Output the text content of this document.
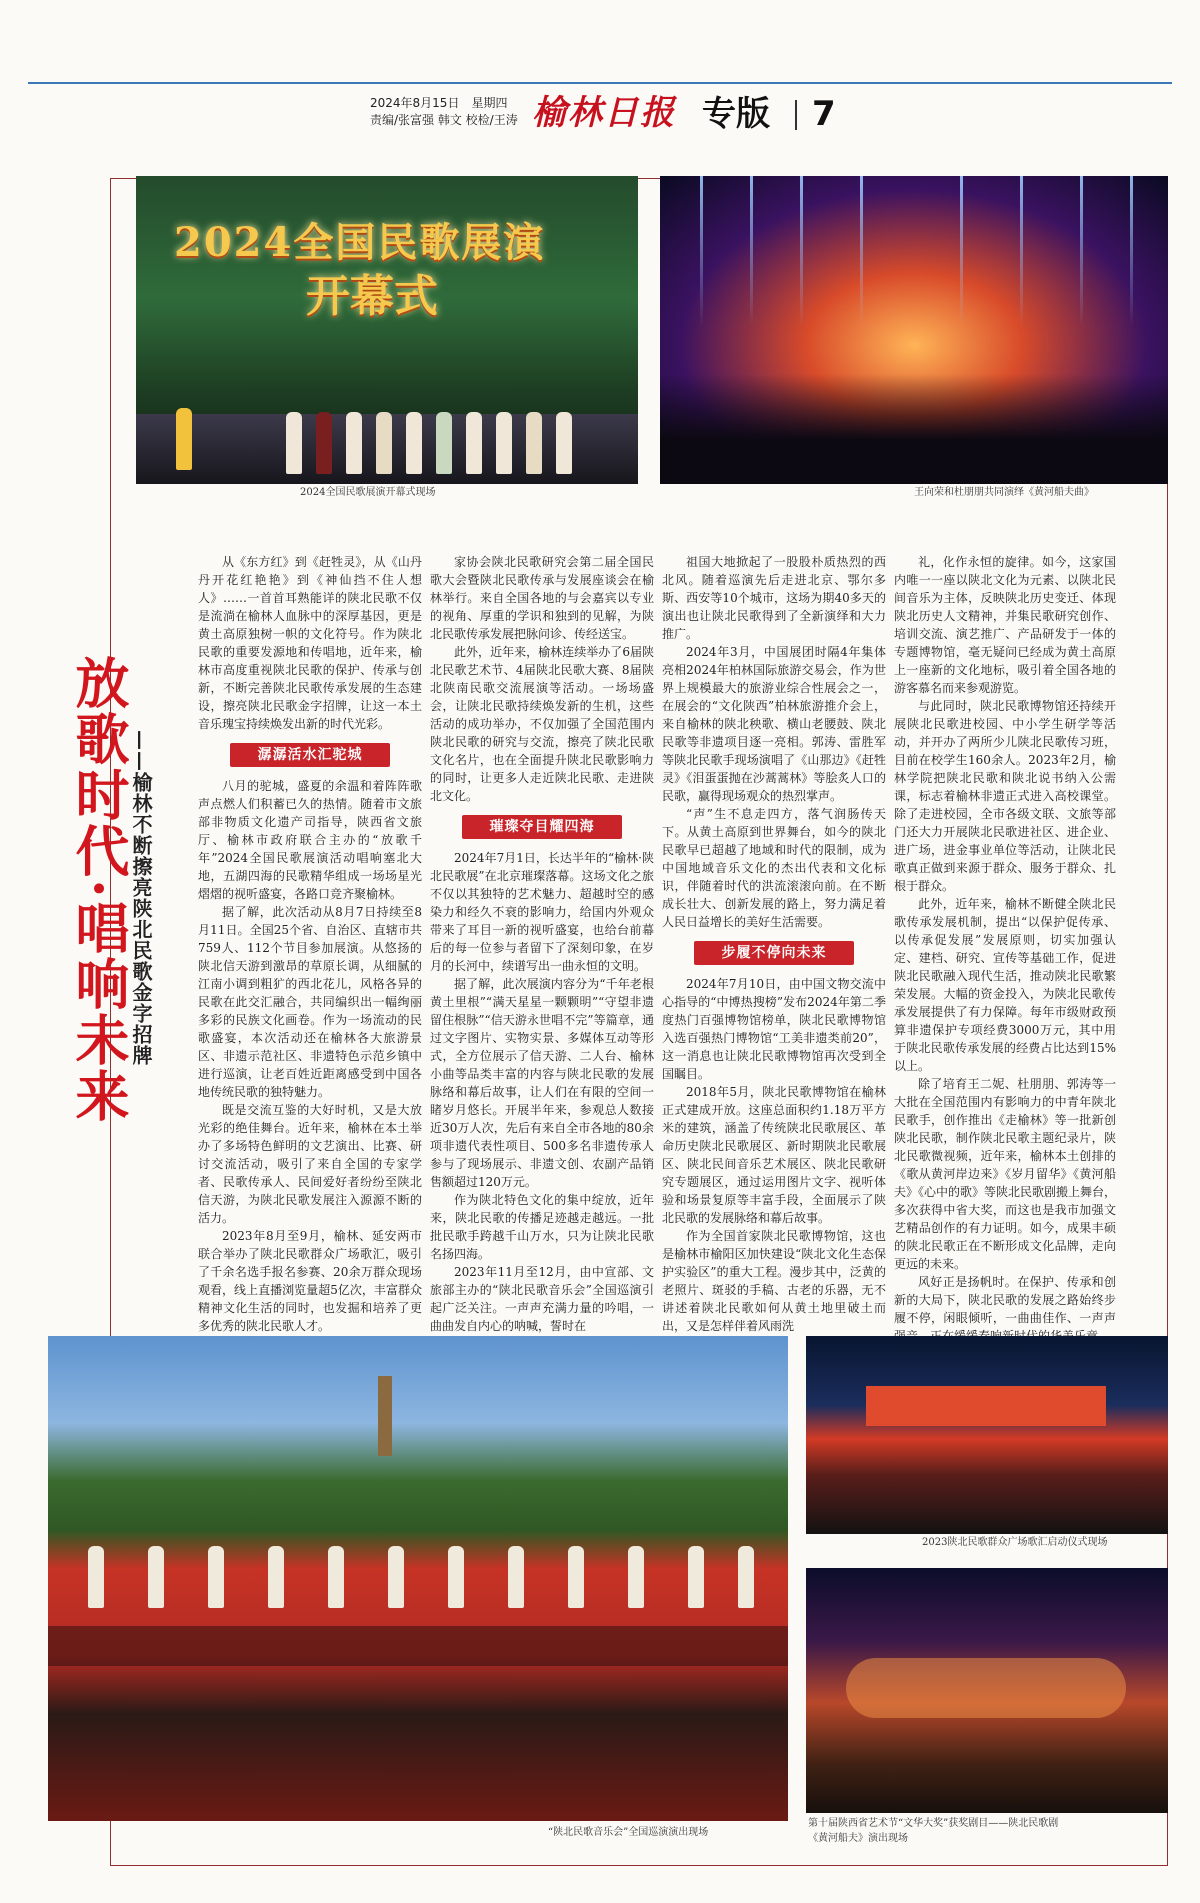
2024年8月15日　 星期四
责编/张富强 韩文 校检/王涛 榆林日报 专版 7
2024全国民歌展演
开幕式
2024全国民歌展演开幕式现场	王向荣和杜朋朋共同演绎《黄河船夫曲》
放歌时代·唱响未来
——榆林不断擦亮陕北民歌金字招牌

从《东方红》到《赶牲灵》，从《山丹丹开花红艳艳》到《神仙挡不住人想人》……一首首耳熟能详的陕北民歌不仅是流淌在榆林人血脉中的深厚基因，更是黄土高原独树一帜的文化符号。作为陕北民歌的重要发源地和传唱地，近年来，榆林市高度重视陕北民歌的保护、传承与创新，不断完善陕北民歌传承发展的生态建设，擦亮陕北民歌金字招牌，让这一本土音乐瑰宝持续焕发出新的时代光彩。

潺潺活水汇驼城

八月的驼城，盛夏的余温和着阵阵歌声点燃人们积蓄已久的热情。随着市文旅部非物质文化遗产司指导，陕西省文旅厅、榆林市政府联合主办的“放歌千年”2024全国民歌展演活动唱响塞北大地，五湖四海的民歌精华组成一场场星光熠熠的视听盛宴，各路口竞齐聚榆林。

据了解，此次活动从8月7日持续至8月11日。全国25个省、自治区、直辖市共759人、112个节目参加展演。从悠扬的陕北信天游到激昂的草原长调，从细腻的江南小调到粗犷的西北花儿，风格各异的民歌在此交汇融合，共同编织出一幅绚丽多彩的民族文化画卷。作为一场流动的民歌盛宴，本次活动还在榆林各大旅游景区、非遗示范社区、非遗特色示范乡镇中进行巡演，让老百姓近距离感受到中国各地传统民歌的独特魅力。

既是交流互鉴的大好时机，又是大放光彩的绝佳舞台。近年来，榆林在本土举办了多场特色鲜明的文艺演出、比赛、研讨交流活动，吸引了来自全国的专家学者、民歌传承人、民间爱好者纷纷至陕北信天游，为陕北民歌发展注入源源不断的活力。

2023年8月至9月，榆林、延安两市联合举办了陕北民歌群众广场歌汇，吸引了千余名选手报名参赛、20余万群众现场观看，线上直播浏览量超5亿次，丰富群众精神文化生活的同时，也发掘和培养了更多优秀的陕北民歌人才。

家协会陕北民歌研究会第二届全国民歌大会暨陕北民歌传承与发展座谈会在榆林举行。来自全国各地的与会嘉宾以专业的视角、厚重的学识和独到的见解，为陕北民歌传承发展把脉问诊、传经送宝。

此外，近年来，榆林连续举办了6届陕北民歌艺术节、4届陕北民歌大赛、8届陕北陕南民歌交流展演等活动。一场场盛会，让陕北民歌持续焕发新的生机，这些活动的成功举办，不仅加强了全国范围内陕北民歌的研究与交流，擦亮了陕北民歌文化名片，也在全面提升陕北民歌影响力的同时，让更多人走近陕北民歌、走进陕北文化。

璀璨夺目耀四海

2024年7月1日，长达半年的“榆林·陕北民歌展”在北京璀璨落幕。这场文化之旅不仅以其独特的艺术魅力、超越时空的感染力和经久不衰的影响力，给国内外观众带来了耳目一新的视听盛宴，也给台前幕后的每一位参与者留下了深刻印象，在岁月的长河中，续谱写出一曲永恒的文明。

据了解，此次展演内容分为“千年老根黄土里根”“满天星星一颗颗明”“守望非遗留住根脉”“信天游永世唱不完”等篇章，通过文字图片、实物实景、多媒体互动等形式，全方位展示了信天游、二人台、榆林小曲等品类丰富的内容与陕北民歌的发展脉络和幕后故事，让人们在有限的空间一睹岁月悠长。开展半年来，参观总人数接近30万人次，先后有来自全市各地的80余项非遗代表性项目、500多名非遗传承人参与了现场展示、非遗文创、农副产品销售额超过120万元。

作为陕北特色文化的集中绽放，近年来，陕北民歌的传播足迹越走越远。一批批民歌手跨越千山万水，只为让陕北民歌名扬四海。

2023年11月至12月，由中宣部、文旅部主办的“陕北民歌音乐会”全国巡演引起广泛关注。一声声充满力量的吟唱，一曲曲发自内心的呐喊，誓时在

祖国大地掀起了一股股朴质热烈的西北风。随着巡演先后走进北京、鄂尔多斯、西安等10个城市，这场为期40多天的演出也让陕北民歌得到了全新演绎和大力推广。

2024年3月，中国展团时隔4年集体亮相2024年柏林国际旅游交易会，作为世界上规模最大的旅游业综合性展会之一，在展会的“文化陕西”柏林旅游推介会上，来自榆林的陕北秧歌、横山老腰鼓、陕北民歌等非遗项目逐一亮相。郭涛、雷胜军等陕北民歌手现场演唱了《山那边》《赶牲灵》《泪蛋蛋抛在沙蒿蒿林》等脍炙人口的民歌，赢得现场观众的热烈掌声。

“声”生不息走四方，落气润肠传天下。从黄土高原到世界舞台，如今的陕北民歌早已超越了地域和时代的限制，成为中国地域音乐文化的杰出代表和文化标识，伴随着时代的洪流滚滚向前。在不断成长壮大、创新发展的路上，努力满足着人民日益增长的美好生活需要。

步履不停向未来

2024年7月10日，由中国文物交流中心指导的“中博热搜榜”发布2024年第二季度热门百强博物馆榜单，陕北民歌博物馆入选百强热门博物馆“工美非遗类前20”，这一消息也让陕北民歌博物馆再次受到全国瞩目。

2018年5月，陕北民歌博物馆在榆林正式建成开放。这座总面积约1.18万平方米的建筑，涵盖了传统陕北民歌展区、革命历史陕北民歌展区、新时期陕北民歌展区、陕北民间音乐艺术展区、陕北民歌研究专题展区，通过运用图片文字、视听体验和场景复原等丰富手段，全面展示了陕北民歌的发展脉络和幕后故事。

作为全国首家陕北民歌博物馆，这也是榆林市榆阳区加快建设“陕北文化生态保护实验区”的重大工程。漫步其中，泛黄的老照片、斑驳的手稿、古老的乐器，无不讲述着陕北民歌如何从黄土地里破土而出，又是怎样伴着风雨洗

礼，化作永恒的旋律。如今，这家国内唯一一座以陕北文化为元素、以陕北民间音乐为主体，反映陕北历史变迁、体现陕北历史人文精神，并集民歌研究创作、培训交流、演艺推广、产品研发于一体的专题博物馆，毫无疑问已经成为黄土高原上一座新的文化地标，吸引着全国各地的游客慕名而来参观游览。

与此同时，陕北民歌博物馆还持续开展陕北民歌进校园、中小学生研学等活动，并开办了两所少儿陕北民歌传习班，目前在校学生160余人。2023年2月，榆林学院把陕北民歌和陕北说书纳入公需课，标志着榆林非遗正式进入高校课堂。除了走进校园，全市各级文联、文旅等部门还大力开展陕北民歌进社区、进企业、进广场，进金事业单位等活动，让陕北民歌真正做到来源于群众、服务于群众、扎根于群众。

此外，近年来，榆林不断健全陕北民歌传承发展机制，提出“以保护促传承、以传承促发展”发展原则，切实加强认定、建档、研究、宣传等基础工作，促进陕北民歌融入现代生活，推动陕北民歌繁荣发展。大幅的资金投入，为陕北民歌传承发展提供了有力保障。每年市级财政预算非遗保护专项经费3000万元，其中用于陕北民歌传承发展的经费占比达到15%以上。

除了培育王二妮、杜朋朋、郭涛等一大批在全国范围内有影响力的中青年陕北民歌手，创作推出《走榆林》等一批新创陕北民歌，制作陕北民歌主题纪录片，陕北民歌微视频，近年来，榆林本土创排的《歌从黄河岸边来》《岁月留华》《黄河船夫》《心中的歌》等陕北民歌剧搬上舞台，多次获得中省大奖，而这也是我市加强文艺精品创作的有力证明。如今，成果丰硕的陕北民歌正在不断形成文化品牌，走向更远的未来。

风好正是扬帆时。在保护、传承和创新的大局下，陕北民歌的发展之路始终步履不停，闲眼倾听，一曲曲佳作、一声声

“陕北民歌音乐会”全国巡演演出现场
2023陕北民歌群众广场歌汇启动仪式现场
第十届陕西省艺术节“文华大奖”获奖剧目——陕北民歌剧
《黄河船夫》演出现场
